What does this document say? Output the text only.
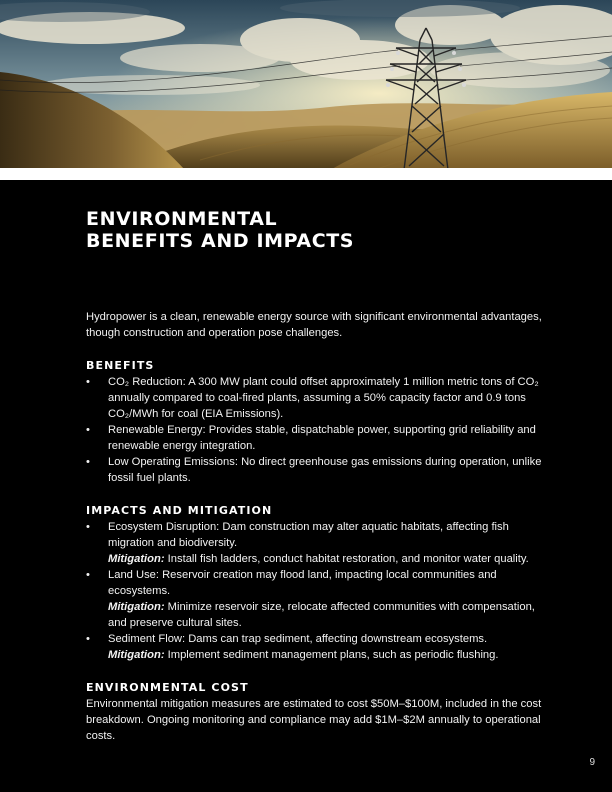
ENVIRONMENTAL
BENEFITS AND IMPACTS

Hydropower is a clean, renewable energy source with significant environmental advantages, though construction and operation pose challenges.

BENEFITS
• CO₂ Reduction: A 300 MW plant could offset approximately 1 million metric tons of CO₂ annually compared to coal-fired plants, assuming a 50% capacity factor and 0.9 tons CO₂/MWh for coal (EIA Emissions).
• Renewable Energy: Provides stable, dispatchable power, supporting grid reliability and renewable energy integration.
• Low Operating Emissions: No direct greenhouse gas emissions during operation, unlike fossil fuel plants.
IMPACTS AND MITIGATION
• Ecosystem Disruption: Dam construction may alter aquatic habitats, affecting fish migration and biodiversity.
Mitigation: Install fish ladders, conduct habitat restoration, and monitor water quality.
• Land Use: Reservoir creation may flood land, impacting local communities and ecosystems.
Mitigation: Minimize reservoir size, relocate affected communities with compensation, and preserve cultural sites.
• Sediment Flow: Dams can trap sediment, affecting downstream ecosystems.
Mitigation: Implement sediment management plans, such as periodic flushing.
ENVIRONMENTAL COST

Environmental mitigation measures are estimated to cost $50M–$100M, included in the cost breakdown. Ongoing monitoring and compliance may add $1M–$2M annually to operational costs.

9
